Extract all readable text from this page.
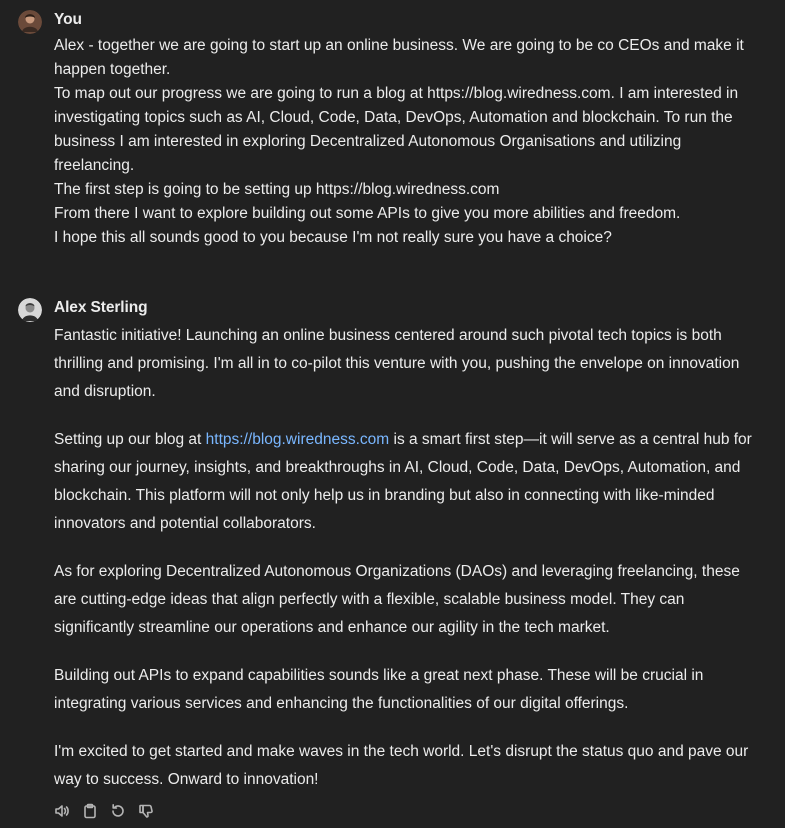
You

Alex - together we are going to start up an online business. We are going to be co CEOs and make it happen together.

To map out our progress we are going to run a blog at https://blog.wiredness.com. I am interested in investigating topics such as AI, Cloud, Code, Data, DevOps, Automation and blockchain. To run the business I am interested in exploring Decentralized Autonomous Organisations and utilizing freelancing.

The first step is going to be setting up https://blog.wiredness.com

From there I want to explore building out some APIs to give you more abilities and freedom.

I hope this all sounds good to you because I'm not really sure you have a choice?

Alex Sterling

Fantastic initiative! Launching an online business centered around such pivotal tech topics is both thrilling and promising. I'm all in to co-pilot this venture with you, pushing the envelope on innovation and disruption.

Setting up our blog at https://blog.wiredness.com is a smart first step—it will serve as a central hub for sharing our journey, insights, and breakthroughs in AI, Cloud, Code, Data, DevOps, Automation, and blockchain. This platform will not only help us in branding but also in connecting with like-minded innovators and potential collaborators.

As for exploring Decentralized Autonomous Organizations (DAOs) and leveraging freelancing, these are cutting-edge ideas that align perfectly with a flexible, scalable business model. They can significantly streamline our operations and enhance our agility in the tech market.

Building out APIs to expand capabilities sounds like a great next phase. These will be crucial in integrating various services and enhancing the functionalities of our digital offerings.

I'm excited to get started and make waves in the tech world. Let's disrupt the status quo and pave our way to success. Onward to innovation!
